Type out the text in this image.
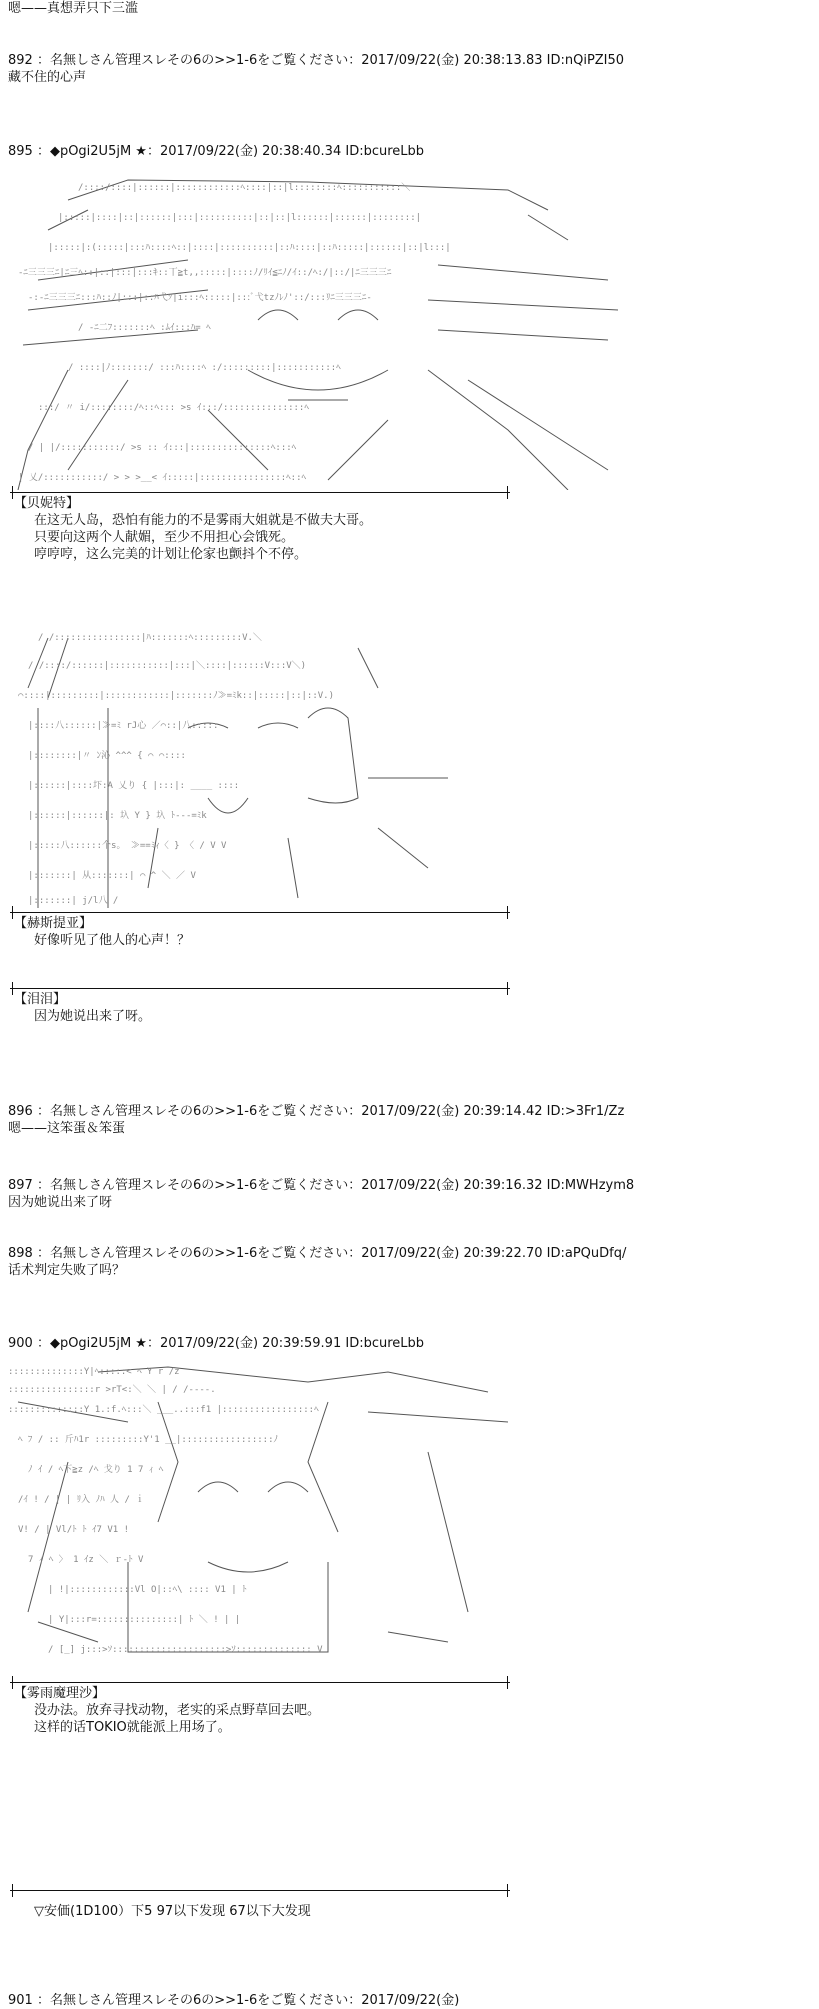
嗯——真想弄只下三滥
892 ：名無しさん管理スレその6の>>1-6をご覧ください：2017/09/22(金) 20:38:13.83 ID:nQiPZI50
藏不住的心声
895 ：◆pOgi2U5jM ★：2017/09/22(金) 20:38:40.34 ID:bcureLbb
/::::/::::|::::::|::::::::::::ﾍ::::|::|l::::::::ﾍ:::::::::::＼
|:::::|::::|::|::::::|:::|::::::::::|::|::|l::::::|::::::|::::::::|
|:::::|:(:::::|:::ﾊ::::ﾍ::|::::|::::::::::|::ﾊ::::|::ﾊ:::::|::::::|::|l:::|
-ﾆ三三三ﾆ|ﾆ三ﾍ::|::|:::|:::ｷ::丅≧t,,:::::|::::ﾉ/ﾘｲ≦ﾆﾉ/ｲ::/ﾍ:/|::/|ﾆ三三三ﾆ
-:-ﾆ三三三ﾆ:::ﾊ::ﾉ|:::|::ﾊ弋ｿ|i:::ﾍ:::::|:::ﾞ弋tzﾉﾚﾉ'::/:::ﾘﾆ三三三ﾆ-
/ -ﾆ二ﾌ:::::::ﾍ :ﾑｲ:::ﾊ= ﾍ
/ ::::|ﾉ:::::::/ :::ﾊ::::ﾍ :/:::::::::|:::::::::::ﾍ
:::/ 〃 i/::::::::/ﾍ::ﾍ::: >s ｲ:::/:::::::::::::::ﾍ
/ | |/:::::::::::/ >s :: ｲ:::|:::::::::::::::ﾍ:::ﾍ
| 乂/:::::::::::/ > > >__< ｲ:::::|::::::::::::::::ﾍ::ﾍ
【贝妮特】
在这无人岛，恐怕有能力的不是雾雨大姐就是不做夫大哥。
只要向这两个人献媚，至少不用担心会饿死。
哼哼哼，这么完美的计划让伦家也颤抖个不停。
/ /::::::::::::::::|ﾊ:::::::ﾍ:::::::::V.＼
/ /::::/::::::|:::::::::::|:::|＼::::|::::::V:::V＼)
⌒::::|:::::::::|::::::::::::|:::::::ﾉ≫=ﾐk::|:::::|::|::V.)
|::::八::::::|≫=ﾐ rJ心 ／⌒::|八:::::
|::::::::|〃 ﾝ沁 ^^^ { ⌒ ⌒::::
|::::::|::::圷:A 乂り { |:::|: ____ ::::
|::::::|::::::|: 圦 Y } 圦 ﾄ---=ﾐk
|:::::八::::::个s。 ≫==ﾐｨ〈 } 〈 / V V
|:::::::| 从:::::::| ⌒ ^ ＼ ／ V
|:::::::| j/l八 /
【赫斯提亚】
好像听见了他人的心声！？
【泪泪】
因为她说出来了呀。
896 ：名無しさん管理スレその6の>>1-6をご覧ください：2017/09/22(金) 20:39:14.42 ID:>3Fr1/Zz
嗯——这笨蛋＆笨蛋
897 ：名無しさん管理スレその6の>>1-6をご覧ください：2017/09/22(金) 20:39:16.32 ID:MWHzym8
因为她说出来了呀
898 ：名無しさん管理スレその6の>>1-6をご覧ください：2017/09/22(金) 20:39:22.70 ID:aPQuDfq/
话术判定失败了吗？
900 ：◆pOgi2U5jM ★：2017/09/22(金) 20:39:59.91 ID:bcureLbb
::::::::::::::Y|ﾍ:::::< ﾍ Y r /z
::::::::::::::::r >rT<:＼ ＼ | / /----.
::::::::::::::Y 1.:f.ﾍ:::＼ ___..:::f1 |:::::::::::::::::ﾍ
ﾍ ﾌ / :: 斤ﾊ1r :::::::::Y'1 __|:::::::::::::::::ﾉ
ﾉ ｲ / ﾍ下≧z /ﾍ 戈り 1 7 ｨ ﾍ
/ｲ ! / | | ﾘ入 ﾉﾊ 人 / ｉ
V! / | Vl/ﾄ ﾄ ｲ7 V1 !
7 ｨ ﾍ 〉 1 ｲz ＼ ｒ-ﾄ V
| !|::::::::::::Vl O|::ﾍ\ :::: V1 | ﾄ
| Y|:::r=:::::::::::::::| ﾄ ＼ ! | |
/ [_] j:::>ｿ:::::::::::::::::::::>ｿ:::::::::::::: V
【雾雨魔理沙】
没办法。放弃寻找动物，老实的采点野草回去吧。
这样的话TOKIO就能派上用场了。
▽安価(1D100）下5 97以下发现 67以下大发现
901 ：名無しさん管理スレその6の>>1-6をご覧ください：2017/09/22(金)
